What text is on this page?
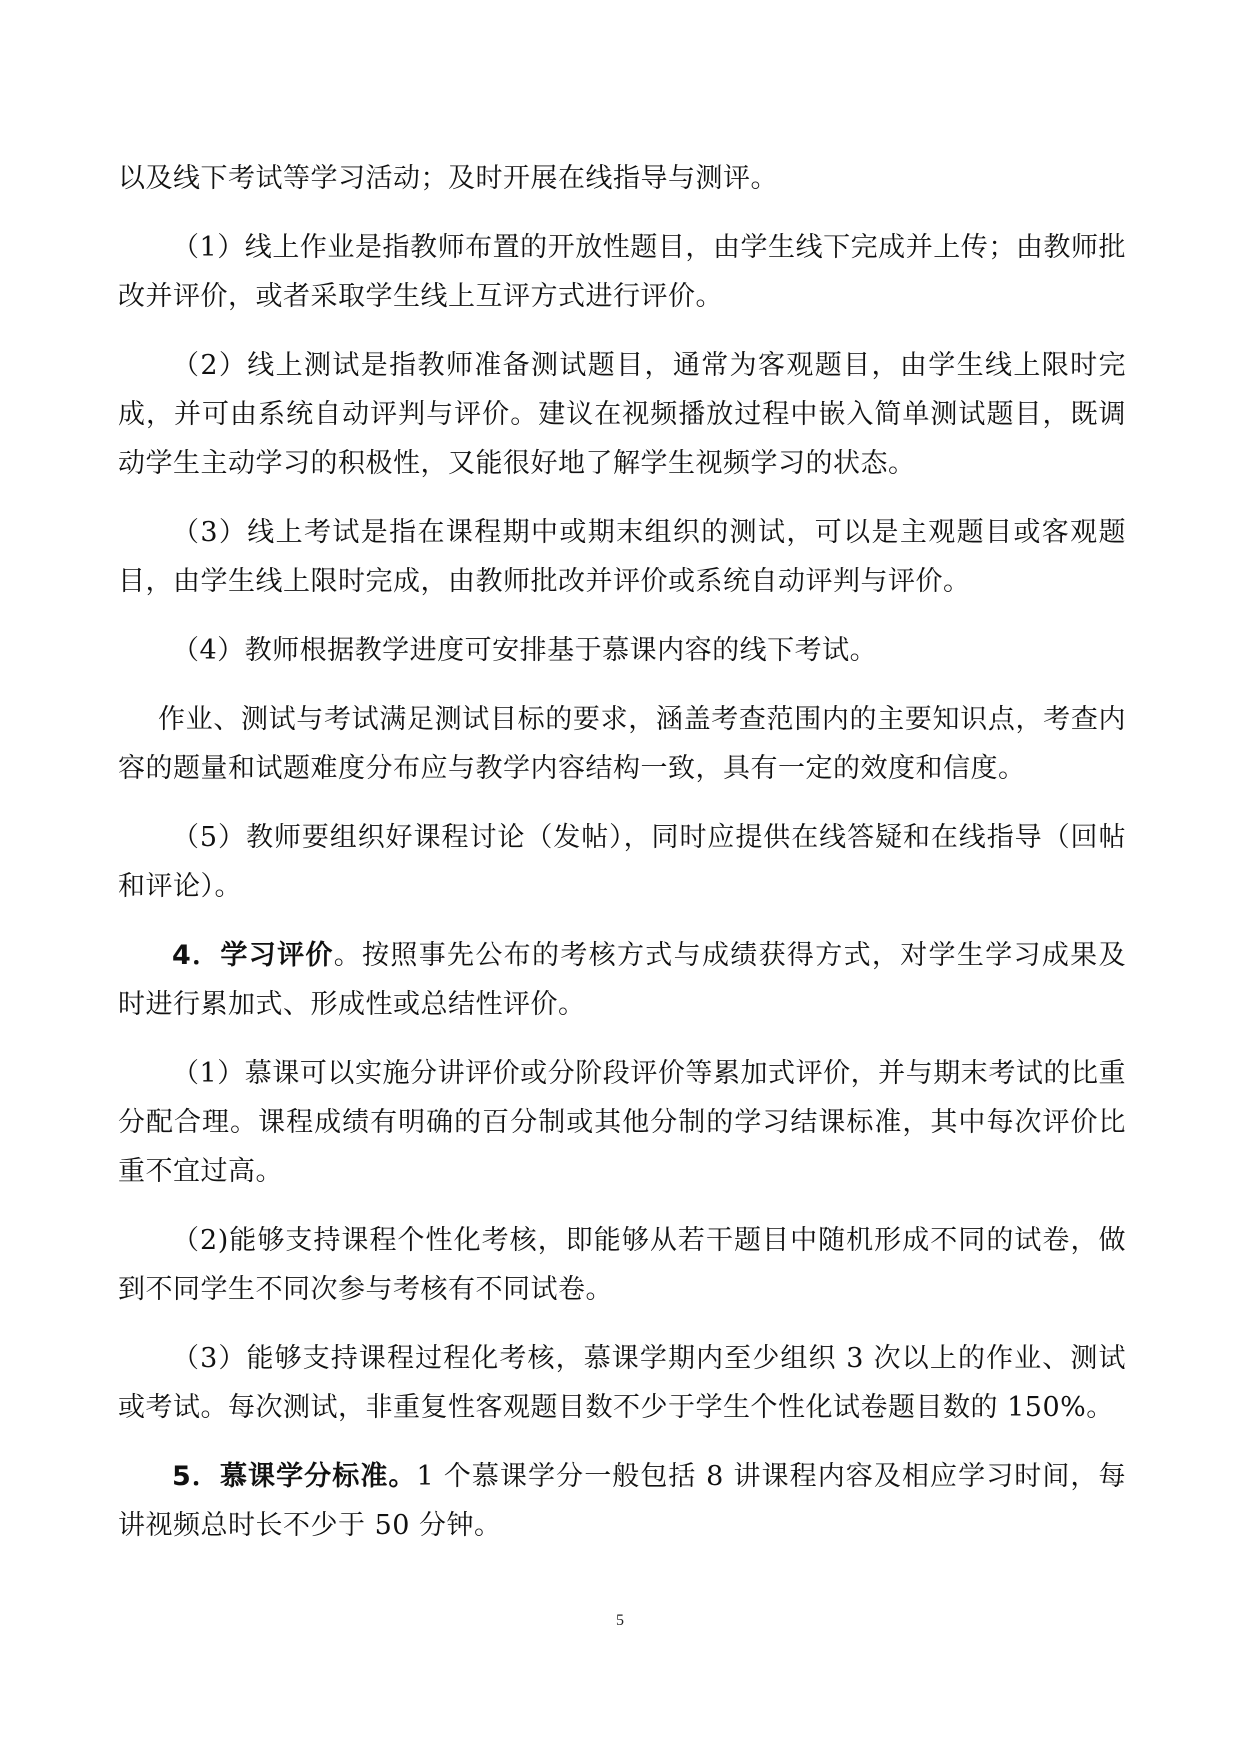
以及线下考试等学习活动；及时开展在线指导与测评。

（1）线上作业是指教师布置的开放性题目，由学生线下完成并上传；由教师批改并评价，或者采取学生线上互评方式进行评价。

（2）线上测试是指教师准备测试题目，通常为客观题目，由学生线上限时完成，并可由系统自动评判与评价。建议在视频播放过程中嵌入简单测试题目，既调动学生主动学习的积极性，又能很好地了解学生视频学习的状态。

（3）线上考试是指在课程期中或期末组织的测试，可以是主观题目或客观题目，由学生线上限时完成，由教师批改并评价或系统自动评判与评价。

（4）教师根据教学进度可安排基于慕课内容的线下考试。

作业、测试与考试满足测试目标的要求，涵盖考查范围内的主要知识点，考查内容的题量和试题难度分布应与教学内容结构一致，具有一定的效度和信度。

（5）教师要组织好课程讨论（发帖），同时应提供在线答疑和在线指导（回帖和评论）。

4．学习评价。按照事先公布的考核方式与成绩获得方式，对学生学习成果及时进行累加式、形成性或总结性评价。

（1）慕课可以实施分讲评价或分阶段评价等累加式评价，并与期末考试的比重分配合理。课程成绩有明确的百分制或其他分制的学习结课标准，其中每次评价比重不宜过高。

（2)能够支持课程个性化考核，即能够从若干题目中随机形成不同的试卷，做到不同学生不同次参与考核有不同试卷。

（3）能够支持课程过程化考核，慕课学期内至少组织 3 次以上的作业、测试或考试。每次测试，非重复性客观题目数不少于学生个性化试卷题目数的 150%。

5．慕课学分标准。1 个慕课学分一般包括 8 讲课程内容及相应学习时间，每讲视频总时长不少于 50 分钟。

5
